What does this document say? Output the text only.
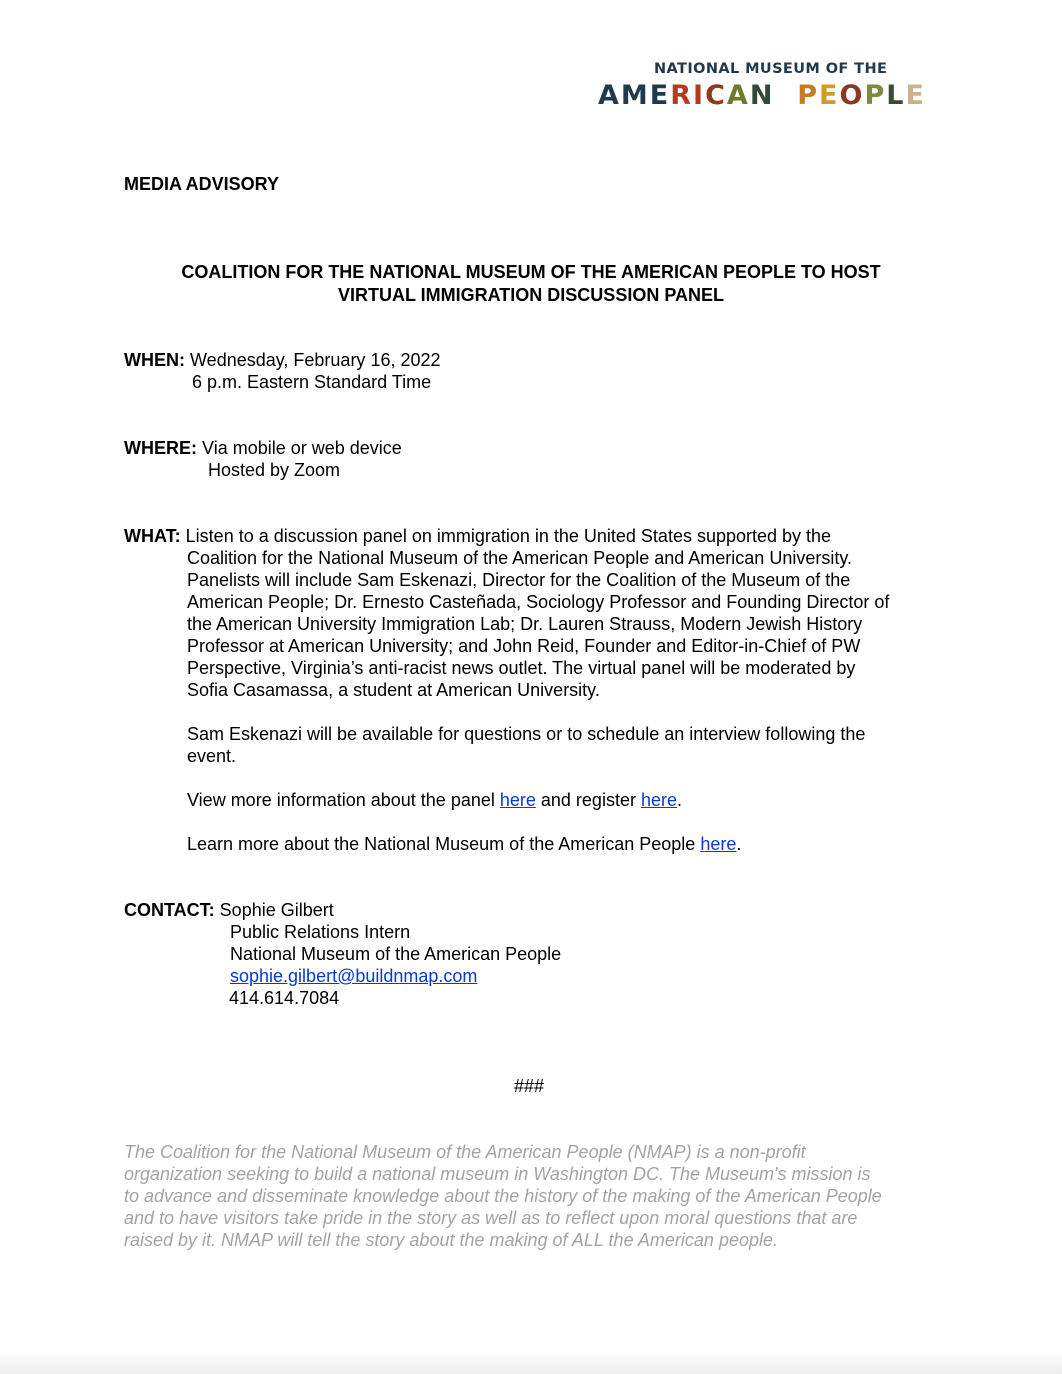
NATIONAL MUSEUM OF THE
AMERICAN PEOPLE
MEDIA ADVISORY
COALITION FOR THE NATIONAL MUSEUM OF THE AMERICAN PEOPLE TO HOST
VIRTUAL IMMIGRATION DISCUSSION PANEL
WHEN: Wednesday, February 16, 2022
6 p.m. Eastern Standard Time
WHERE: Via mobile or web device
Hosted by Zoom
WHAT: Listen to a discussion panel on immigration in the United States supported by the
Coalition for the National Museum of the American People and American University.
Panelists will include Sam Eskenazi, Director for the Coalition of the Museum of the
American People; Dr. Ernesto Casteñada, Sociology Professor and Founding Director of
the American University Immigration Lab; Dr. Lauren Strauss, Modern Jewish History
Professor at American University; and John Reid, Founder and Editor-in-Chief of PW
Perspective, Virginia’s anti-racist news outlet. The virtual panel will be moderated by
Sofia Casamassa, a student at American University.
Sam Eskenazi will be available for questions or to schedule an interview following the
event.
View more information about the panel here and register here.
Learn more about the National Museum of the American People here.
CONTACT: Sophie Gilbert
Public Relations Intern
National Museum of the American People
sophie.gilbert@buildnmap.com
414.614.7084
###
The Coalition for the National Museum of the American People (NMAP) is a non-profit
organization seeking to build a national museum in Washington DC. The Museum's mission is
to advance and disseminate knowledge about the history of the making of the American People
and to have visitors take pride in the story as well as to reflect upon moral questions that are
raised by it. NMAP will tell the story about the making of ALL the American people.
